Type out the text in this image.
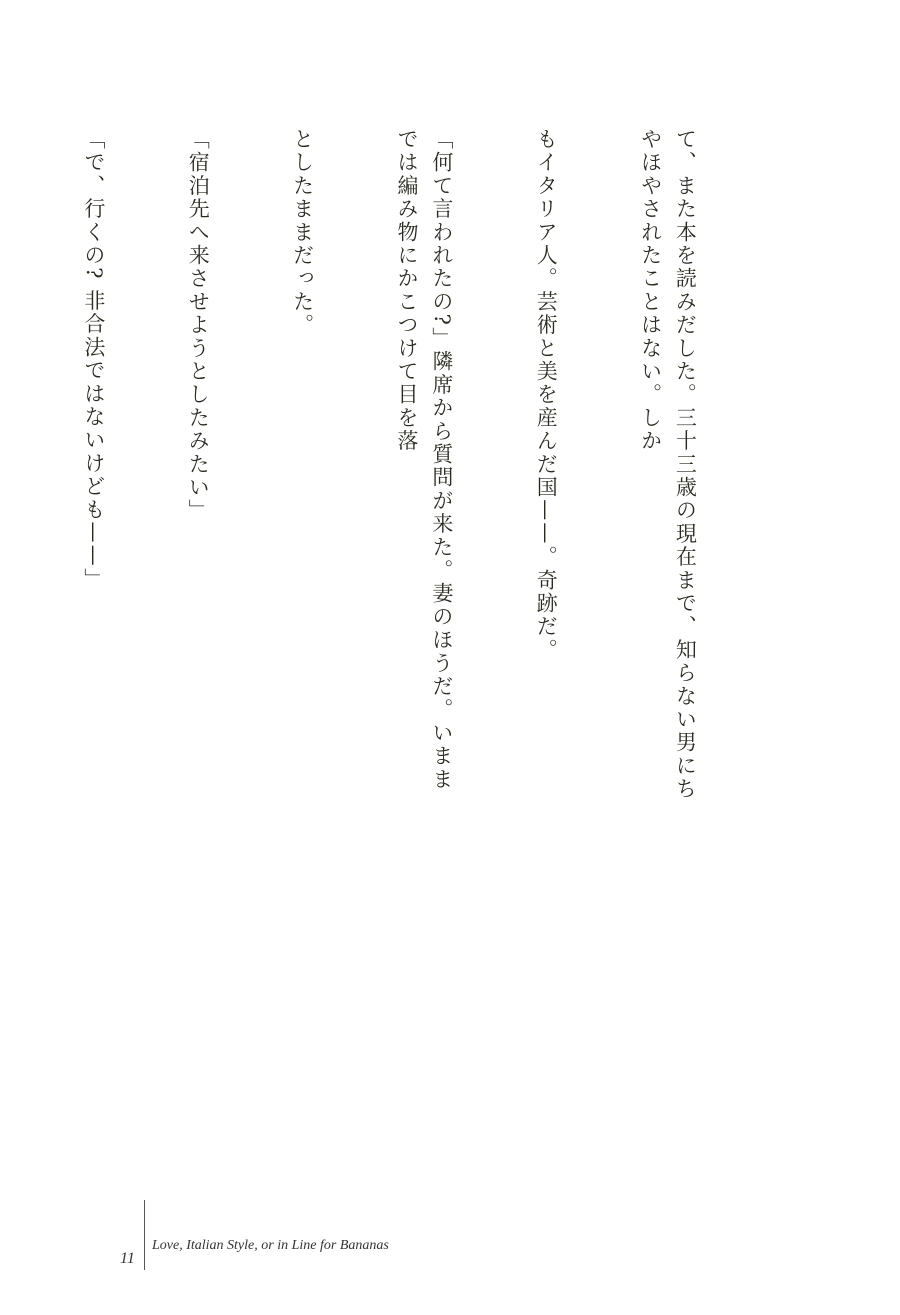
て、また本を読みだした。三十三歳の現在まで、知らない男にちやほやされたことはない。しか

もイタリア人。芸術と美を産んだ国——。奇跡だ。

「何て言われたの?」隣席から質問が来た。妻のほうだ。いままでは編み物にかこつけて目を落

としたままだった。

「宿泊先へ来させようとしたみたい」

「で、行くの? 非合法ではないけども——」

11
Love, Italian Style, or in Line for Bananas
